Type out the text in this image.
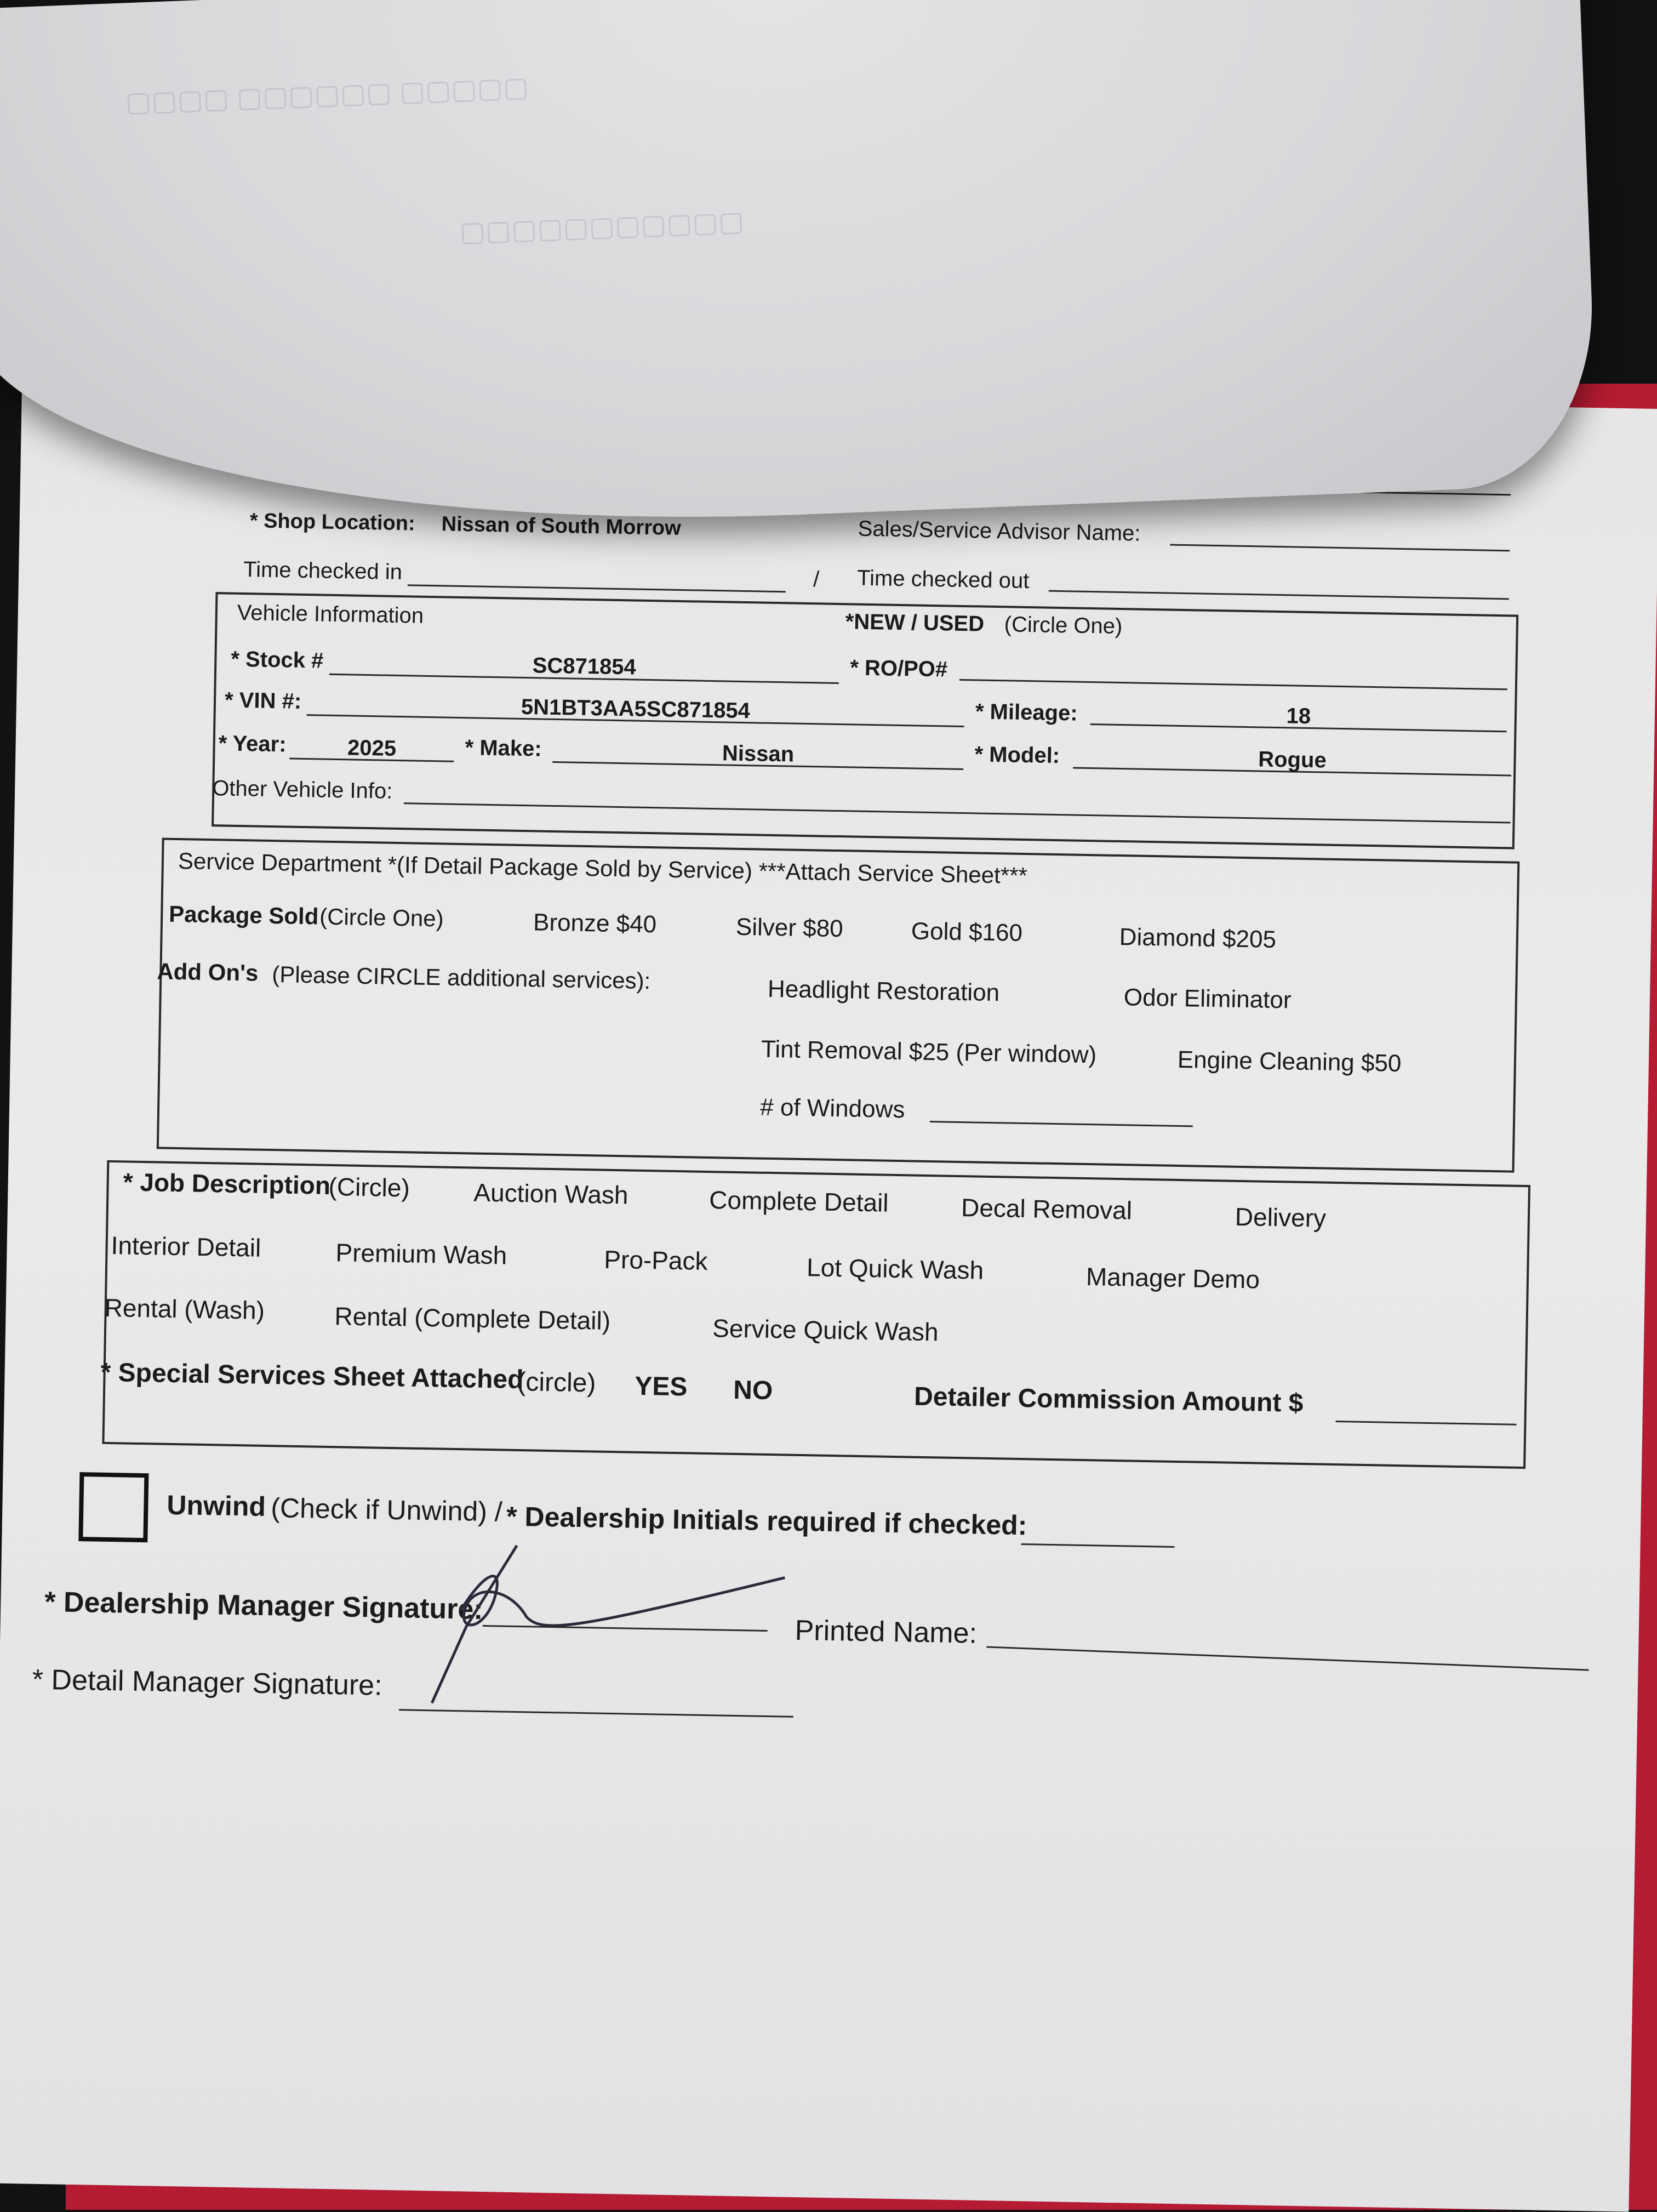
* Shop Location: Nissan of South Morrow	Sales/Service Advisor Name:
Time checked in	/ Time checked out
Vehicle Information	*NEW / USED (Circle One)
* Stock #	SC871854	* RO/PO#
* VIN #:	5N1BT3AA5SC871854	* Mileage:	18
* Year:	2025	* Make:	Nissan	* Model:	Rogue
Other Vehicle Info:
Service Department *(If Detail Package Sold by Service) ***Attach Service Sheet***
Package Sold (Circle One)	Bronze $40	Silver $80	Gold $160	Diamond $205
Add On's (Please CIRCLE additional services):	Headlight Restoration	Odor Eliminator
Tint Removal $25 (Per window)	Engine Cleaning $50
# of Windows
* Job Description
(Circle)	Auction Wash	Complete Detail	Decal Removal	Delivery
Interior Detail	Premium Wash	Pro-Pack	Lot Quick Wash	Manager Demo
Rental (Wash)	Rental (Complete Detail)	Service Quick Wash
* Special Services Sheet Attached
(circle) YES NO	Detailer Commission Amount $
Unwind (Check if Unwind) / * Dealership Initials required if checked:
* Dealership Manager Signature:
Printed Name:
* Detail Manager Signature:
▢▢▢▢ ▢▢▢▢▢▢ ▢▢▢▢▢
▢▢▢▢▢▢▢▢▢▢▢
